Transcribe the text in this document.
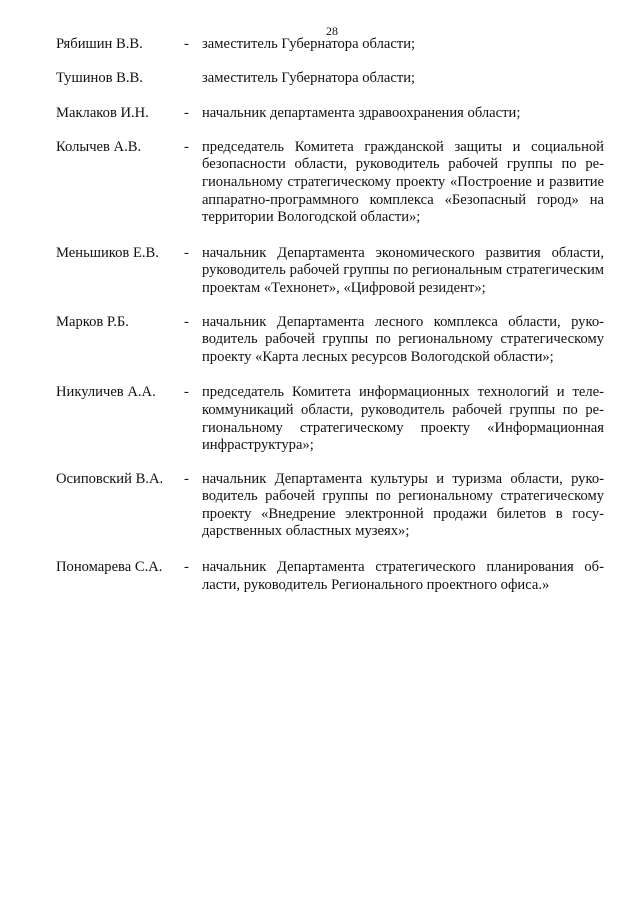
28
Рябишин В.В.	- заместитель Губернатора области;
Тушинов В.В.	заместитель Губернатора области;
Маклаков И.Н.	- начальник департамента здравоохранения области;
Колычев А.В.	- председатель Комитета гражданской защиты и социальной безопасности области, руководитель рабочей группы по региональному стратегическому проекту «Построение и развитие аппаратно-программного комплекса «Безопасный город» на территории Вологодской области»;
Меньшиков Е.В.	- начальник Департамента экономического развития области, руководитель рабочей группы по региональным стратегическим проектам «Технонет», «Цифровой резидент»;
Марков Р.Б.	- начальник Департамента лесного комплекса области, руководитель рабочей группы по региональному стратегическому проекту «Карта лесных ресурсов Вологодской области»;
Никуличев А.А.	- председатель Комитета информационных технологий и телекоммуникаций области, руководитель рабочей группы по региональному стратегическому проекту «Информационная инфраструктура»;
Осиповский В.А.	- начальник Департамента культуры и туризма области, руководитель рабочей группы по региональному стратегическому проекту «Внедрение электронной продажи билетов в государственных областных музеях»;
Пономарева С.А.	- начальник Департамента стратегического планирования области, руководитель Регионального проектного офиса.»
